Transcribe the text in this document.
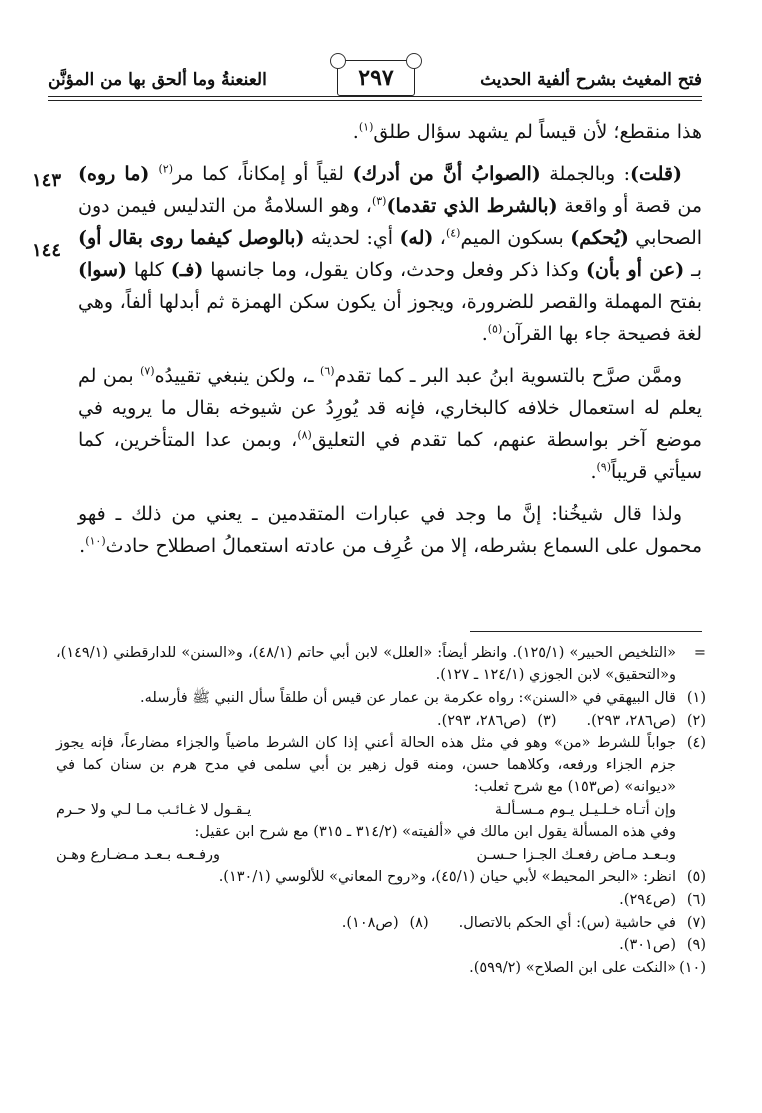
فتح المغيث بشرح ألفية الحديث
٢٩٧
العنعنةُ وما ألحق بها من المؤنَّن
١٤٣
١٤٤

هذا منقطع؛ لأن قيساً لم يشهد سؤال طلق$^{(١)}$.

(قلت): وبالجملة (الصوابُ أنَّ من أدرك) لقياً أو إمكاناً، كما مر$^{(٢)}$ (ما روه) من قصة أو واقعة (بالشرط الذي تقدما)$^{(٣)}$، وهو السلامةُ من التدليس فيمن دون الصحابي (يُحكم) بسكون الميم$^{(٤)}$، (له) أي: لحديثه (بالوصل كيفما روى بقال أو) بـ (عن أو بأن) وكذا ذكر وفعل وحدث، وكان يقول، وما جانسها (فـ) كلها (سوا) بفتح المهملة والقصر للضرورة، ويجوز أن يكون سكن الهمزة ثم أبدلها ألفاً، وهي لغة فصيحة جاء بها القرآن$^{(٥)}$.

وممَّن صرَّح بالتسوية ابنُ عبد البر ـ كما تقدم$^{(٦)}$ ـ، ولكن ينبغي تقييدُه$^{(٧)}$ بمن لم يعلم له استعمال خلافه كالبخاري، فإنه قد يُورِدُ عن شيوخه بقال ما يرويه في موضع آخر بواسطة عنهم، كما تقدم في التعليق$^{(٨)}$، وبمن عدا المتأخرين، كما سيأتي قريباً$^{(٩)}$.

ولذا قال شيخُنا: إنَّ ما وجد في عبارات المتقدمين ـ يعني من ذلك ـ فهو محمول على السماع بشرطه، إلا من عُرِف من عادته استعمالُ اصطلاح حادث$^{(١٠)}$.

=
«التلخيص الحبير» (١٢٥/١). وانظر أيضاً: «العلل» لابن أبي حاتم (٤٨/١)، و«السنن» للدارقطني (١٤٩/١)، و«التحقيق» لابن الجوزي (١٢٤/١ ـ ١٢٧).
(١)
قال البيهقي في «السنن»: رواه عكرمة بن عمار عن قيس أن طلقاً سأل النبي ﷺ فأرسله.
(٢)
(ص٢٨٦، ٢٩٣).
(٣)
(ص٢٨٦، ٢٩٣).
(٤)
جواباً للشرط «من» وهو في مثل هذه الحالة أعني إذا كان الشرط ماضياً والجزاء مضارعاً، فإنه يجوز جزم الجزاء ورفعه، وكلاهما حسن، ومنه قول زهير بن أبي سلمى في مدح هرم بن سنان كما في «ديوانه» (ص١٥٣) مع شرح ثعلب:
وإن أتـاه خـلـيـل يـوم مـسـألـة
يـقـول لا غـائـب مـا لـي ولا حـرم
وفي هذه المسألة يقول ابن مالك في «ألفيته» (٣١٤/٢ ـ ٣١٥) مع شرح ابن عقيل:
وبـعـد مـاض رفعـك الجـزا حـسـن
ورفـعـه بـعـد مـضـارع وهـن
(٥)
انظر: «البحر المحيط» لأبي حيان (٤٥/١)، و«روح المعاني» للألوسي (١٣٠/١).
(٦)
(ص٢٩٤).
(٧)
في حاشية (س): أي الحكم بالاتصال.
(٨)
(ص١٠٨).
(٩)
(ص٣٠١).
(١٠)
«النكت على ابن الصلاح» (٥٩٩/٢).
